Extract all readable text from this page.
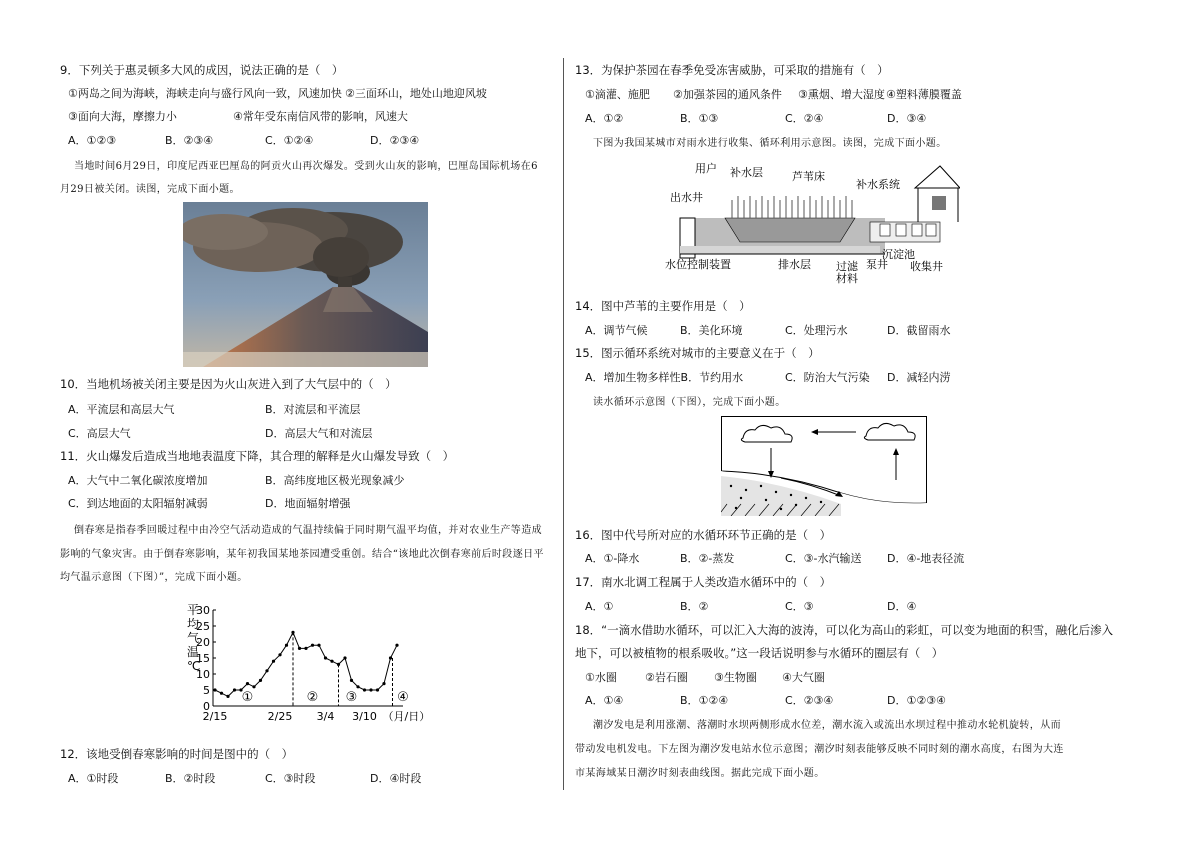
9．下列关于惠灵顿多大风的成因，说法正确的是（　）
①两岛之间为海峡，海峡走向与盛行风向一致，风速加快 ②三面环山，地处山地迎风坡
③面向大海，摩擦力小	④常年受东南信风带的影响，风速大
A．①②③	B．②③④	C．①②④	D．②③④
当地时间6月29日，印度尼西亚巴厘岛的阿贡火山再次爆发。受到火山灰的影响，巴厘岛国际机场在6
月29日被关闭。读图，完成下面小题。
10．当地机场被关闭主要是因为火山灰进入到了大气层中的（　）
A．平流层和高层大气	B．对流层和平流层
C．高层大气	D．高层大气和对流层
11．火山爆发后造成当地地表温度下降，其合理的解释是火山爆发导致（　）
A．大气中二氧化碳浓度增加	B．高纬度地区极光现象减少
C．到达地面的太阳辐射减弱	D．地面辐射增强
倒春寒是指春季回暖过程中由冷空气活动造成的气温持续偏于同时期气温平均值，并对农业生产等造成
影响的气象灾害。由于倒春寒影响，某年初我国某地茶园遭受重创。结合“该地此次倒春寒前后时段逐日平
均气温示意图（下图）”，完成下面小题。
平
均
气
温
℃
0
5
10
15
20
25
30
2/15	2/25 3/4 3/10
①	② ③	④
（月/日）
12．该地受倒春寒影响的时间是图中的（　）
A．①时段	B．②时段	C．③时段	D．④时段
13．为保护茶园在春季免受冻害威胁，可采取的措施有（　）
①滴灌、施肥 ②加强茶园的通风条件 ③熏烟、增大湿度 ④塑料薄膜覆盖
A．①②	B．①③	C．②④	D．③④
下图为我国某城市对雨水进行收集、循环利用示意图。读图，完成下面小题。
用户 补水层	芦苇床
补水系统
出水井
水位控制装置	排水层 过滤
材料
泵井
沉淀池
收集井
14．图中芦苇的主要作用是（　）
A．调节气候	B．美化环境	C．处理污水	D．截留雨水
15．图示循环系统对城市的主要意义在于（　）
A．增加生物多样性B．节约用水	C．防治大气污染 D．减轻内涝
读水循环示意图（下图），完成下面小题。
16．图中代号所对应的水循环环节正确的是（　）
A．①-降水	B．②-蒸发	C．③-水汽输送 D．④-地表径流
17．南水北调工程属于人类改造水循环中的（　）
A．①	B．②	C．③	D．④
18．“一滴水借助水循环，可以汇入大海的波涛，可以化为高山的彩虹，可以变为地面的积雪，融化后渗入
地下，可以被植物的根系吸收。”这一段话说明参与水循环的圈层有（　）
①水圈	②岩石圈 ③生物圈 ④大气圈
A．①④	B．①②④	C．②③④	D．①②③④
潮汐发电是利用涨潮、落潮时水坝两侧形成水位差，潮水流入或流出水坝过程中推动水轮机旋转，从而
带动发电机发电。下左图为潮汐发电站水位示意图；潮汐时刻表能够反映不同时刻的潮水高度，右图为大连
市某海域某日潮汐时刻表曲线图。据此完成下面小题。
